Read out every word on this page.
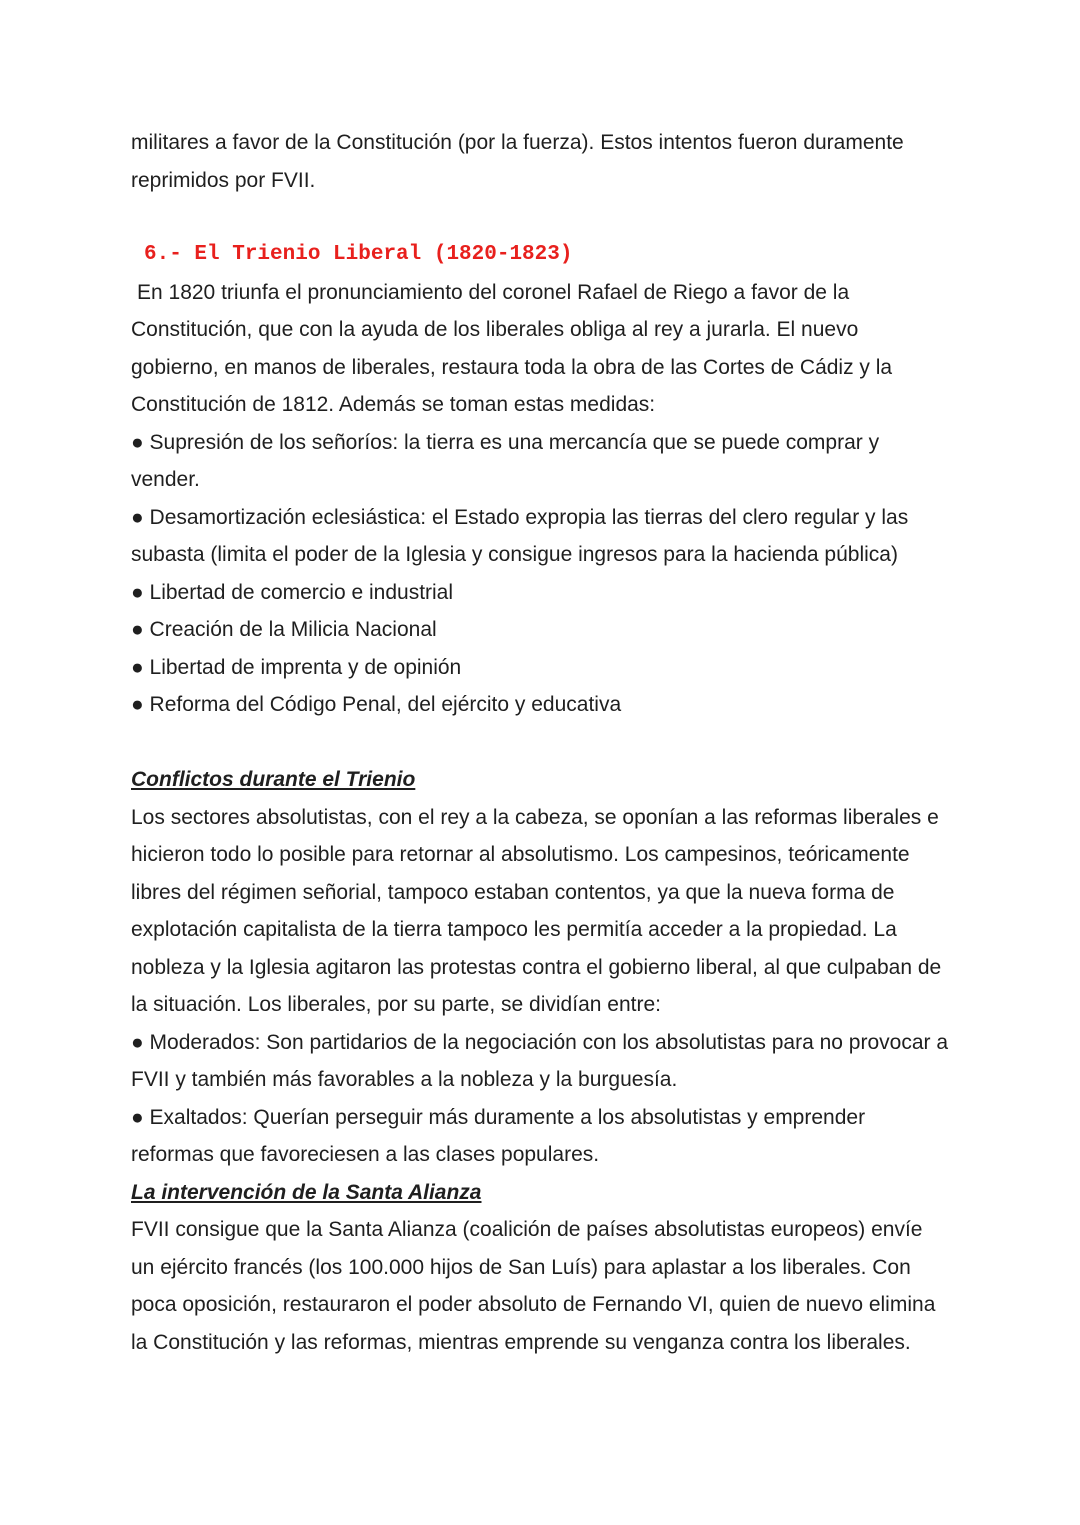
militares a favor de la Constitución (por la fuerza). Estos intentos fueron duramente reprimidos por FVII.

6.- El Trienio Liberal (1820-1823)

En 1820 triunfa el pronunciamiento del coronel Rafael de Riego a favor de la Constitución, que con la ayuda de los liberales obliga al rey a jurarla. El nuevo gobierno, en manos de liberales, restaura toda la obra de las Cortes de Cádiz y la Constitución de 1812. Además se toman estas medidas:

● Supresión de los señoríos: la tierra es una mercancía que se puede comprar y vender.

● Desamortización eclesiástica: el Estado expropia las tierras del clero regular y las subasta (limita el poder de la Iglesia y consigue ingresos para la hacienda pública)

● Libertad de comercio e industrial

● Creación de la Milicia Nacional

● Libertad de imprenta y de opinión

● Reforma del Código Penal, del ejército y educativa

Conflictos durante el Trienio

Los sectores absolutistas, con el rey a la cabeza, se oponían a las reformas liberales e hicieron todo lo posible para retornar al absolutismo. Los campesinos, teóricamente libres del régimen señorial, tampoco estaban contentos, ya que la nueva forma de explotación capitalista de la tierra tampoco les permitía acceder a la propiedad. La nobleza y la Iglesia agitaron las protestas contra el gobierno liberal, al que culpaban de la situación. Los liberales, por su parte, se dividían entre:

● Moderados: Son partidarios de la negociación con los absolutistas para no provocar a FVII y también más favorables a la nobleza y la burguesía.

● Exaltados: Querían perseguir más duramente a los absolutistas y emprender reformas que favoreciesen a las clases populares.

La intervención de la Santa Alianza

FVII consigue que la Santa Alianza (coalición de países absolutistas europeos) envíe un ejército francés (los 100.000 hijos de San Luís) para aplastar a los liberales. Con poca oposición, restauraron el poder absoluto de Fernando VI, quien de nuevo elimina la Constitución y las reformas, mientras emprende su venganza contra los liberales.
